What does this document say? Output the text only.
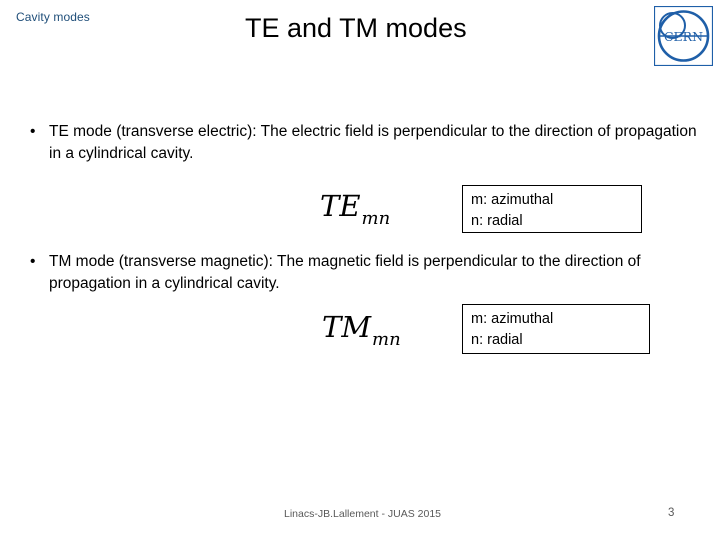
Cavity modes	TE and TM modes	CERN
• TE mode (transverse electric): The electric field is perpendicular to the direction of propagation in a cylindrical cavity.
$TE_{mn}$
m: azimuthal
n: radial
• TM mode (transverse magnetic): The magnetic field is perpendicular to the direction of propagation in a cylindrical cavity.
$TM_{mn}$
m: azimuthal
n: radial
Linacs-JB.Lallement - JUAS 2015	3
